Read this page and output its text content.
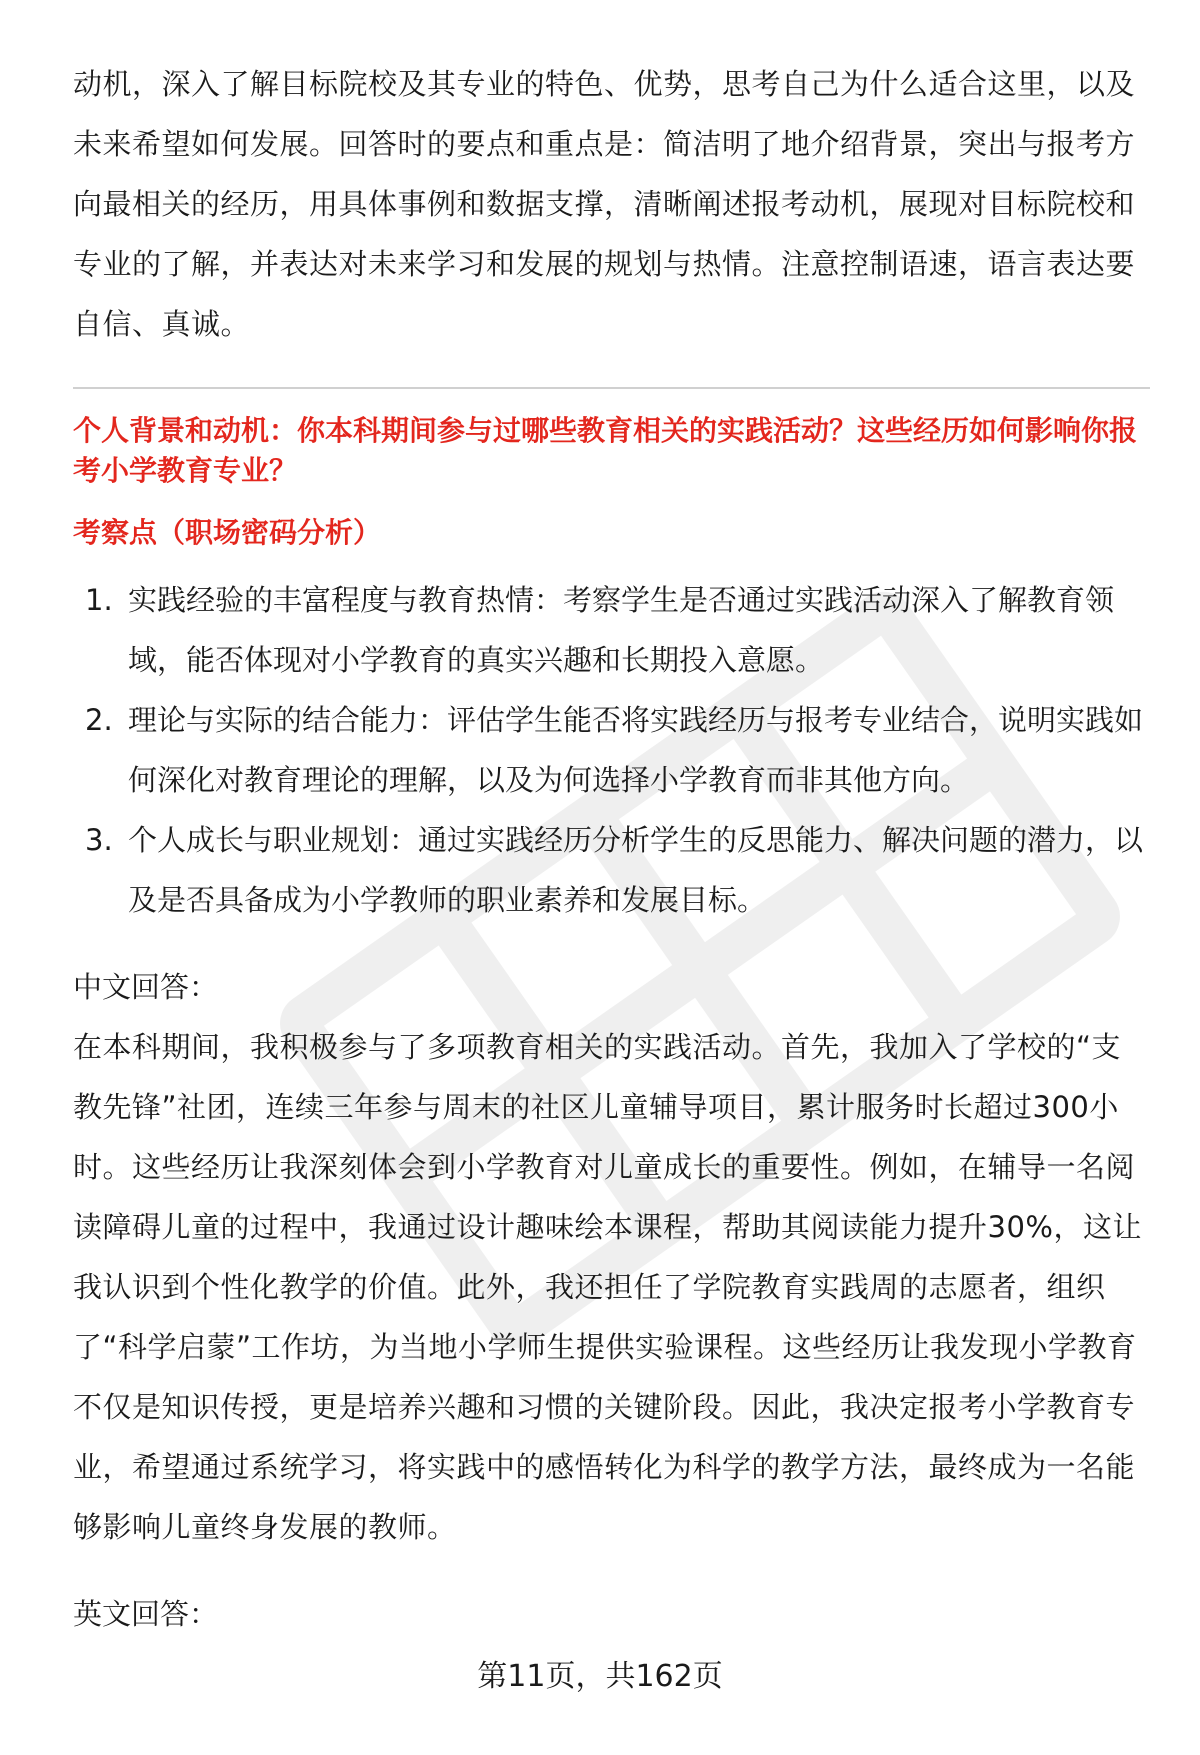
动机，深入了解目标院校及其专业的特色、优势，思考自己为什么适合这里，以及未来希望如何发展。回答时的要点和重点是：简洁明了地介绍背景，突出与报考方向最相关的经历，用具体事例和数据支撑，清晰阐述报考动机，展现对目标院校和专业的了解，并表达对未来学习和发展的规划与热情。注意控制语速，语言表达要自信、真诚。

个人背景和动机：你本科期间参与过哪些教育相关的实践活动？这些经历如何影响你报考小学教育专业？

考察点（职场密码分析）

1. 实践经验的丰富程度与教育热情：考察学生是否通过实践活动深入了解教育领域，能否体现对小学教育的真实兴趣和长期投入意愿。
2. 理论与实际的结合能力：评估学生能否将实践经历与报考专业结合，说明实践如何深化对教育理论的理解，以及为何选择小学教育而非其他方向。
3. 个人成长与职业规划：通过实践经历分析学生的反思能力、解决问题的潜力，以及是否具备成为小学教师的职业素养和发展目标。

中文回答：

在本科期间，我积极参与了多项教育相关的实践活动。首先，我加入了学校的“支教先锋”社团，连续三年参与周末的社区儿童辅导项目，累计服务时长超过300小时。这些经历让我深刻体会到小学教育对儿童成长的重要性。例如，在辅导一名阅读障碍儿童的过程中，我通过设计趣味绘本课程，帮助其阅读能力提升30%，这让我认识到个性化教学的价值。此外，我还担任了学院教育实践周的志愿者，组织了“科学启蒙”工作坊，为当地小学师生提供实验课程。这些经历让我发现小学教育不仅是知识传授，更是培养兴趣和习惯的关键阶段。因此，我决定报考小学教育专业，希望通过系统学习，将实践中的感悟转化为科学的教学方法，最终成为一名能够影响儿童终身发展的教师。

英文回答：

第11页，共162页
